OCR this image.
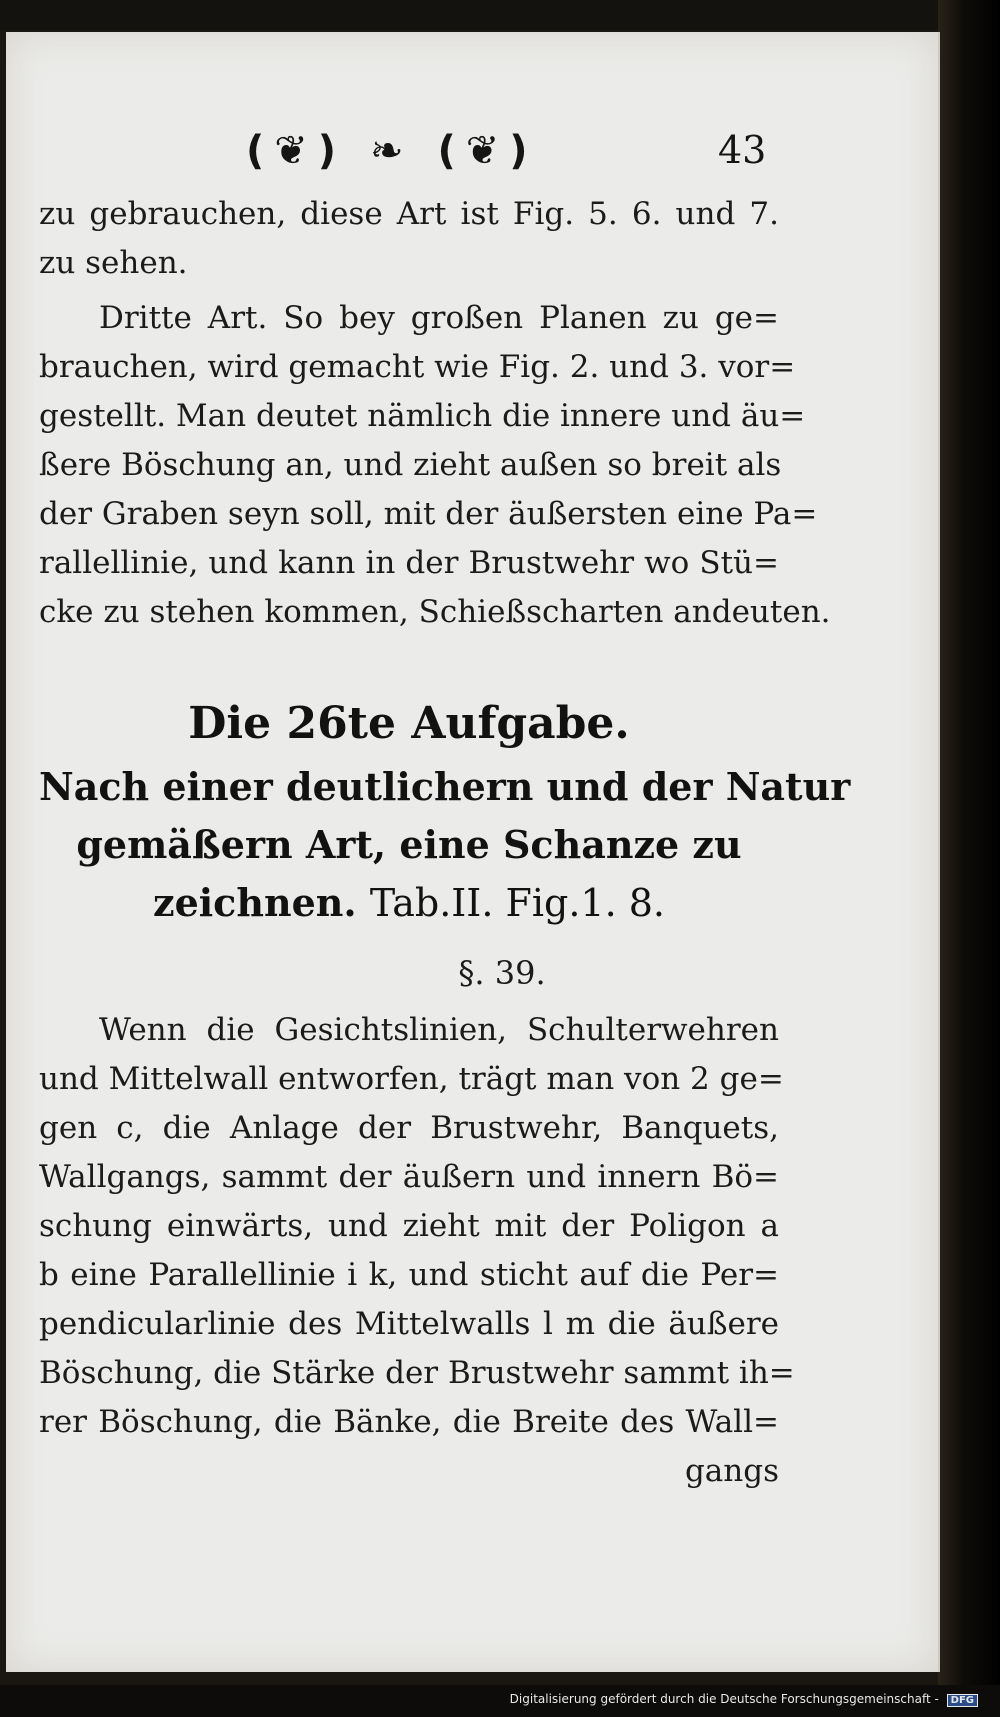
(❦) ❧ (❦)	43
zu gebrauchen, diese Art ist Fig. 5. 6. und 7.
zu sehen.
Dritte Art. So bey großen Planen zu ge=
brauchen, wird gemacht wie Fig. 2. und 3. vor=
gestellt. Man deutet nämlich die innere und äu=
ßere Böschung an, und zieht außen so breit als
der Graben seyn soll, mit der äußersten eine Pa=
rallellinie, und kann in der Brustwehr wo Stü=
cke zu stehen kommen, Schießscharten andeuten.
Die 26te Aufgabe.
Nach einer deutlichern und der Natur
gemäßern Art, eine Schanze zu
zeichnen. Tab.II. Fig.1. 8.
§. 39.
Wenn die Gesichtslinien, Schulterwehren
und Mittelwall entworfen, trägt man von 2 ge=
gen c, die Anlage der Brustwehr, Banquets,
Wallgangs, sammt der äußern und innern Bö=
schung einwärts, und zieht mit der Poligon a
b eine Parallellinie i k, und sticht auf die Per=
pendicularlinie des Mittelwalls l m die äußere
Böschung, die Stärke der Brustwehr sammt ih=
rer Böschung, die Bänke, die Breite des Wall=
gangs
Digitalisierung gefördert durch die Deutsche Forschungsgemeinschaft - DFG
